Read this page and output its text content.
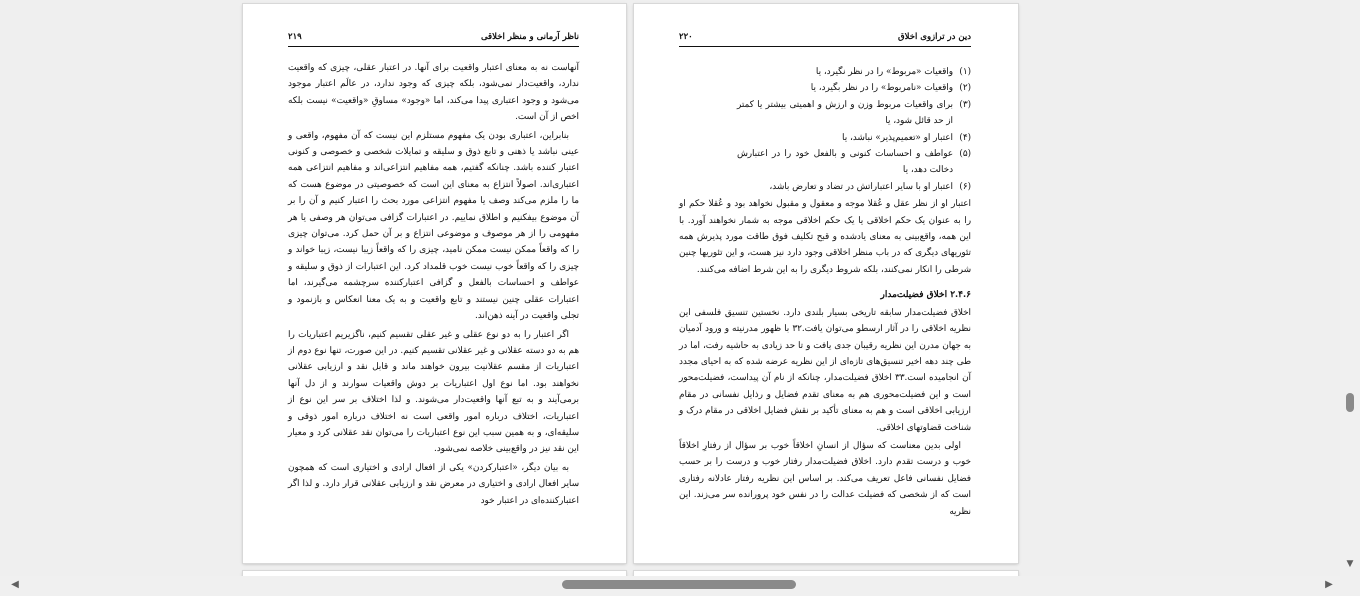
ناظر آرمانی و منظر اخلاقی
۲۱۹

آنهاست نه به معنای اعتبار واقعیت برای آنها. در اعتبار عقلی، چیزی که واقعیت ندارد، واقعیت‌دار نمی‌شود، بلکه چیزی که وجود ندارد، در عالَم اعتبار موجود می‌شود و وجود اعتباری پیدا می‌کند، اما «وجود» مساوقِ «واقعیت» نیست بلکه اخص از آن است.

بنابراین، اعتباری بودن یک مفهوم مستلزم این نیست که آن مفهوم، واقعی و عینی نباشد یا ذهنی و تابع ذوق و سلیقه و تمایلات شخصی و خصوصی و کنونی اعتبار کننده باشد. چنانکه گفتیم، همه مفاهیم انتزاعی‌اند و مفاهیم انتزاعی همه اعتباری‌اند. اصولاً انتزاع به معنای این است که خصوصیتی در موضوع هست که ما را ملزم می‌کند وصف یا مفهوم انتزاعی مورد بحث را اعتبار کنیم و آن را بر آن موضوع بیفکنیم و اطلاق نماییم. در اعتبارات گزافی می‌توان هر وصفی یا هر مفهومی را از هر موصوف و موضوعی انتزاع و بر آن حمل کرد. می‌توان چیزی را که واقعاً ممکن نیست ممکن نامید، چیزی را که واقعاً زیبا نیست، زیبا خواند و چیزی را که واقعاً خوب نیست خوب قلمداد کرد. این اعتبارات از ذوق و سلیقه و عواطف و احساسات بالفعل و گزافی اعتبارکننده سرچشمه می‌گیرند، اما اعتبارات عقلی چنین نیستند و تابع واقعیت و به یک معنا انعکاس و بازنمود و تجلی واقعیت در آینه ذهن‌اند.

اگر اعتبار را به دو نوع عقلی و غیر عقلی تقسیم کنیم، ناگزیریم اعتباریات را هم به دو دسته عقلانی و غیر عقلانی تقسیم کنیم. در این صورت، تنها نوع دوم از اعتباریات از مقسم عقلانیت بیرون خواهند ماند و قابل نقد و ارزیابی عقلانی نخواهند بود. اما نوع اول اعتباریات بر دوش واقعیات سوارند و از دل آنها برمی‌آیند و به تبع آنها واقعیت‌دار می‌شوند. و لذا اختلاف بر سر این نوع از اعتباریات، اختلاف درباره امور واقعی است نه اختلاف درباره امور ذوقی و سلیقه‌ای، و به همین سبب این نوع اعتباریات را می‌توان نقد عقلانی کرد و معیار این نقد نیز در واقع‌بینی خلاصه نمی‌شود.

به بیان دیگر، «اعتبارکردن» یکی از افعال ارادی و اختیاری است که همچون سایر افعال ارادی و اختیاری در معرض نقد و ارزیابی عقلانی قرار دارد. و لذا اگر اعتبارکننده‌ای در اعتبار خود

دین در ترازوی اخلاق
۲۲۰
(۱)
واقعیات «مربوط» را در نظر نگیرد، یا
(۲)
واقعیات «نامربوط» را در نظر بگیرد، یا
(۳)
برای واقعیات مربوط وزن و ارزش و اهمیتی بیشتر یا کمتر از حد قائل شود، یا
(۴)
اعتبار او «تعمیم‌پذیر» نباشد، یا
(۵)
عواطف و احساسات کنونی و بالفعل خود را در اعتبارش دخالت دهد، یا
(۶)
اعتبار او با سایر اعتباراتش در تضاد و تعارض باشد،

اعتبار او از نظر عقل و عُقلا موجه و معقول و مقبول نخواهد بود و عُقلا حکم او را به عنوان یک حکم اخلاقی یا یک حکم اخلاقی موجه به شمار نخواهند آورد. با این همه، واقع‌بینی به معنای یادشده و قبح تکلیف فوق طاقت مورد پذیرش همه تئوریهای دیگری که در باب منظر اخلاقی وجود دارد نیز هست، و این تئوریها چنین شرطی را انکار نمی‌کنند، بلکه شروط دیگری را به این شرط اضافه می‌کنند.

۲.۴.۶ اخلاق فضیلت‌مدار

اخلاق فضیلت‌مدار سابقه تاریخی بسیار بلندی دارد. نخستین تنسیق فلسفی این نظریه اخلاقی را در آثار ارسطو می‌توان یافت.۳۲ با ظهور مدرنیته و ورود آدمیان به جهان مدرن این نظریه رقیبان جدی یافت و تا حد زیادی به حاشیه رفت، اما در طی چند دهه اخیر تنسیق‌های تازه‌ای از این نظریه عرضه شده که به احیای مجدد آن انجامیده است.۳۳ اخلاق فضیلت‌مدار، چنانکه از نام آن پیداست، فضیلت‌محور است و این فضیلت‌محوری هم به معنای تقدم فضایل و رذایل نفسانی در مقام ارزیابی اخلاقی است و هم به معنای تأکید بر نقش فضایل اخلاقی در مقام درک و شناخت قضاوتهای اخلاقی.

اولی بدین معناست که سؤال از انسانِ اخلاقاً خوب بر سؤال از رفتارِ اخلاقاً خوب و درست تقدم دارد. اخلاق فضیلت‌مدار رفتار خوب و درست را بر حسب فضایل نفسانی فاعل تعریف می‌کند. بر اساس این نظریه رفتار عادلانه رفتاری است که از شخصی که فضیلت عدالت را در نفس خود پرورانده سر می‌زند. این نظریه

▼
◀	▶
